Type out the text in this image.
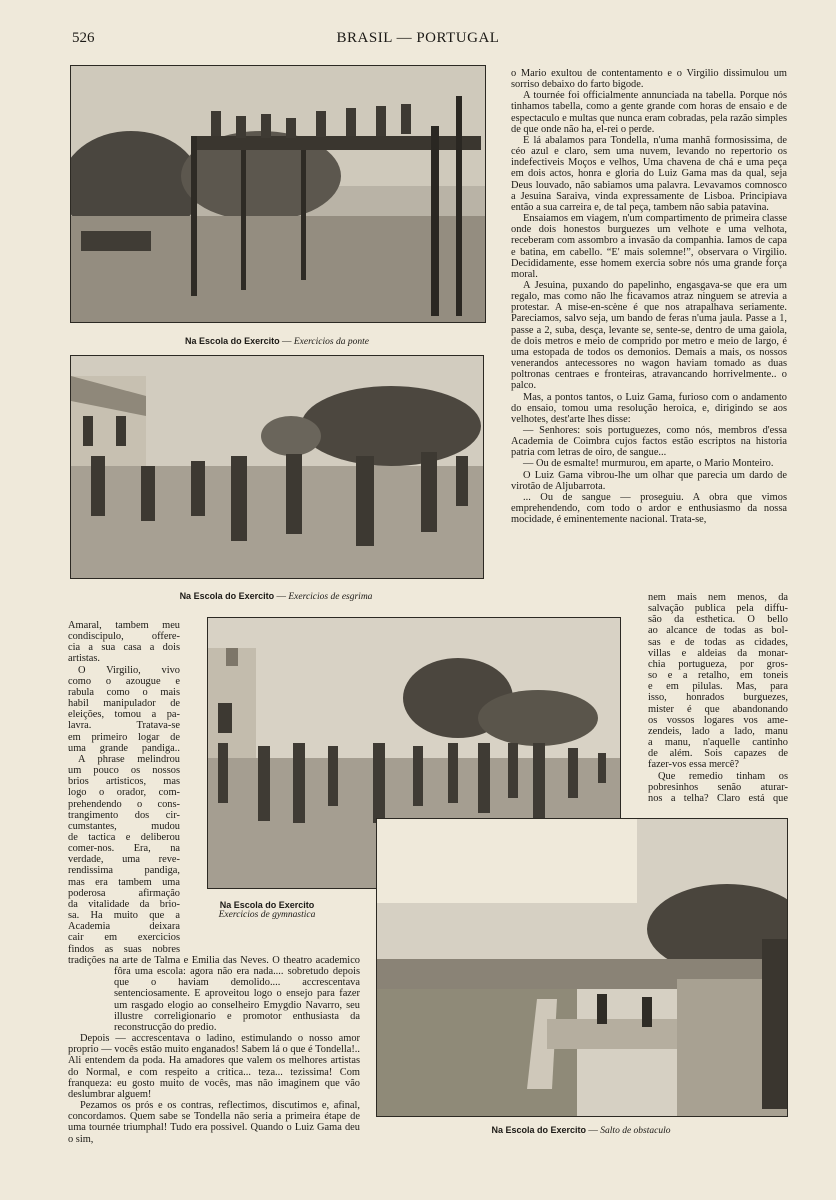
526	BRASIL — PORTUGAL
Na Escola do Exercito — Exercicios da ponte
Na Escola do Exercito — Exercicios de esgrima

o Mario exultou de contentamento e o Virgilio dissimulou um sorriso debaixo do farto bigode.

A tournée foi officialmente annunciada na tabella. Porque nós tinhamos tabella, como a gente grande com horas de ensaio e de espectaculo e multas que nunca eram cobradas, pela razão simples de que onde não ha, el-rei o perde.

E lá abalamos para Tondella, n'uma manhã formosissima, de céo azul e claro, sem uma nuvem, levando no repertorio os indefectiveis Moços e velhos, Uma chavena de chá e uma peça em dois actos, honra e gloria do Luiz Gama mas da qual, seja Deus louvado, não sabiamos uma palavra. Levavamos comnosco a Jesuina Saraiva, vinda expressamente de Lisboa. Principiava então a sua carreira e, de tal peça, tambem não sabia patavina.

Ensaiamos em viagem, n'um compartimento de primeira classe onde dois honestos burguezes um velhote e uma velhota, receberam com assombro a invasão da companhia. Iamos de capa e batina, em cabello. “E' mais solemne!”, observara o Virgilio. Decididamente, esse homem exercia sobre nós uma grande força moral.

A Jesuina, puxando do papelinho, engasgava-se que era um regalo, mas como não lhe ficavamos atraz ninguem se atrevia a protestar. A mise-en-scène é que nos atrapalhava seriamente. Pareciamos, salvo seja, um bando de feras n'uma jaula. Passe a 1, passe a 2, suba, desça, levante se, sente-se, dentro de uma gaiola, de dois metros e meio de comprido por metro e meio de largo, é uma estopada de todos os demonios. Demais a mais, os nossos venerandos antecessores no wagon haviam tomado as duas poltronas centraes e fronteiras, atravancando horrivelmente.. o palco.

Mas, a pontos tantos, o Luiz Gama, furioso com o andamento do ensaio, tomou uma resolução heroica, e, dirigindo se aos velhotes, dest'arte lhes disse:

— Senhores: sois portuguezes, como nós, membros d'essa Academia de Coimbra cujos factos estão escriptos na historia patria com letras de oiro, de sangue...

— Ou de esmalte! murmurou, em aparte, o Mario Monteiro.

O Luiz Gama vibrou-lhe um olhar que parecia um dardo de virotão de Aljubarrota.

... Ou de sangue — proseguiu. A obra que vimos emprehendendo, com todo o ardor e enthusiasmo da nossa mocidade, é eminentemente nacional. Trata-se,

nem mais nem menos, da
salvação publica pela diffu-
são da esthetica. O bello
ao alcance de todas as bol-
sas e de todas as cidades,
villas e aldeias da monar-
chia portugueza, por gros-
so e a retalho, em toneis
e em pilulas. Mas, para
isso, honrados burguezes,
mister é que abandonando
os vossos logares vos ame-
zendeis, lado a lado, manu
a manu, n'aquelle cantinho
de além. Sois capazes de
fazer-vos essa mercê?
Que remedio tinham os
pobresinhos senão aturar-
nos a telha? Claro está que
Amaral, tambem meu
condiscipulo, offere-
cia a sua casa a dois
artistas.
O Virgilio, vivo
como o azougue e
rabula como o mais
habil manipulador de
eleições, tomou a pa-
lavra. Tratava-se
em primeiro logar de
uma grande pandiga..
A phrase melindrou
um pouco os nossos
brios artisticos, mas
logo o orador, com-
prehendendo o cons-
trangimento dos cir-
cumstantes, mudou
de tactica e deliberou
comer-nos. Era, na
verdade, uma reve-
rendissima pandiga,
mas era tambem uma
poderosa afirmação
da vitalidade da brio-
sa. Ha muito que a
Academia deixara
cair em exercicios
findos as suas nobres
Na Escola do Exercito
Exercicios de gymnastica
Na Escola do Exercito — Salto de obstaculo

tradições na arte de Talma e Emilia das Neves. O theatro academico fôra uma escola: agora não era nada.... sobretudo depois que o haviam demolido.... accrescentava sentenciosamente. E aproveitou logo o ensejo para fazer um rasgado elogio ao conselheiro Emygdio Navarro, seu illustre correligionario e promotor enthusiasta da reconstrucção do predio.

Depois — accrescentava o ladino, estimulando o nosso amor proprio — vocês estão muito enganados! Sabem lá o que é Tondella!.. Ali entendem da poda. Ha amadores que valem os melhores artistas do Normal, e com respeito a critica... teza... tezissima! Com franqueza: eu gosto muito de vocês, mas não imaginem que vão deslumbrar alguem!

Pezamos os prós e os contras, reflectimos, discutimos e, afinal, concordamos. Quem sabe se Tondella não seria a primeira étape de uma tournée triumphal! Tudo era possivel. Quando o Luiz Gama deu o sim,
